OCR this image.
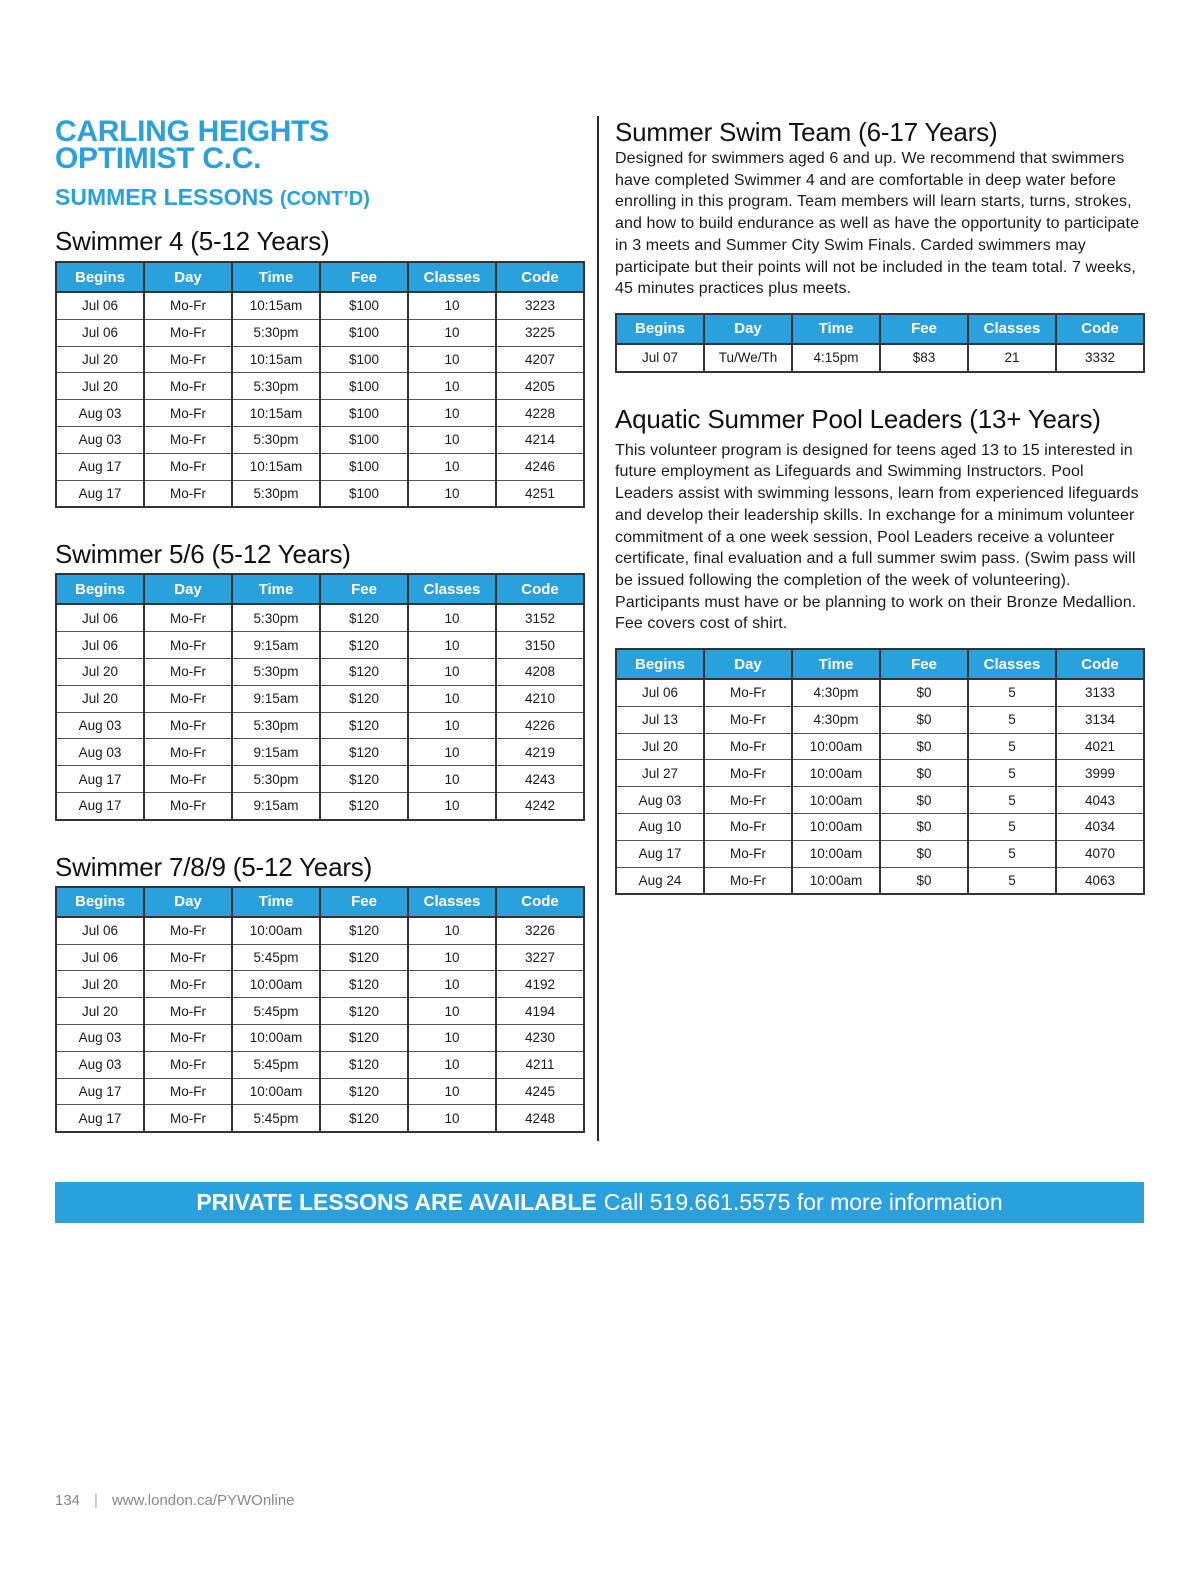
CARLING HEIGHTS
OPTIMIST C.C.
SUMMER LESSONS (CONT’D)
Swimmer 4 (5-12 Years)
Begins	Day	Time	Fee	Classes	Code
Jul 06	Mo-Fr	10:15am	$100	10	3223
Jul 06	Mo-Fr	5:30pm	$100	10	3225
Jul 20	Mo-Fr	10:15am	$100	10	4207
Jul 20	Mo-Fr	5:30pm	$100	10	4205
Aug 03	Mo-Fr	10:15am	$100	10	4228
Aug 03	Mo-Fr	5:30pm	$100	10	4214
Aug 17	Mo-Fr	10:15am	$100	10	4246
Aug 17	Mo-Fr	5:30pm	$100	10	4251
Swimmer 5/6 (5-12 Years)
Begins	Day	Time	Fee	Classes	Code
Jul 06	Mo-Fr	5:30pm	$120	10	3152
Jul 06	Mo-Fr	9:15am	$120	10	3150
Jul 20	Mo-Fr	5:30pm	$120	10	4208
Jul 20	Mo-Fr	9:15am	$120	10	4210
Aug 03	Mo-Fr	5:30pm	$120	10	4226
Aug 03	Mo-Fr	9:15am	$120	10	4219
Aug 17	Mo-Fr	5:30pm	$120	10	4243
Aug 17	Mo-Fr	9:15am	$120	10	4242
Swimmer 7/8/9 (5-12 Years)
Begins	Day	Time	Fee	Classes	Code
Jul 06	Mo-Fr	10:00am	$120	10	3226
Jul 06	Mo-Fr	5:45pm	$120	10	3227
Jul 20	Mo-Fr	10:00am	$120	10	4192
Jul 20	Mo-Fr	5:45pm	$120	10	4194
Aug 03	Mo-Fr	10:00am	$120	10	4230
Aug 03	Mo-Fr	5:45pm	$120	10	4211
Aug 17	Mo-Fr	10:00am	$120	10	4245
Aug 17	Mo-Fr	5:45pm	$120	10	4248
Summer Swim Team (6-17 Years)

Designed for swimmers aged 6 and up. We recommend that swimmers have completed Swimmer 4 and are comfortable in deep water before enrolling in this program. Team members will learn starts, turns, strokes, and how to build endurance as well as have the opportunity to participate in 3 meets and Summer City Swim Finals. Carded swimmers may participate but their points will not be included in the team total. 7 weeks, 45 minutes practices plus meets.

Begins	Day	Time	Fee	Classes	Code
Jul 07	Tu/We/Th	4:15pm	$83	21	3332
Aquatic Summer Pool Leaders (13+ Years)

This volunteer program is designed for teens aged 13 to 15 interested in future employment as Lifeguards and Swimming Instructors. Pool Leaders assist with swimming lessons, learn from experienced lifeguards and develop their leadership skills. In exchange for a minimum volunteer commitment of a one week session, Pool Leaders receive a volunteer certificate, final evaluation and a full summer swim pass. (Swim pass will be issued following the completion of the week of volunteering). Participants must have or be planning to work on their Bronze Medallion. Fee covers cost of shirt.

Begins	Day	Time	Fee	Classes	Code
Jul 06	Mo-Fr	4:30pm	$0	5	3133
Jul 13	Mo-Fr	4:30pm	$0	5	3134
Jul 20	Mo-Fr	10:00am	$0	5	4021
Jul 27	Mo-Fr	10:00am	$0	5	3999
Aug 03	Mo-Fr	10:00am	$0	5	4043
Aug 10	Mo-Fr	10:00am	$0	5	4034
Aug 17	Mo-Fr	10:00am	$0	5	4070
Aug 24	Mo-Fr	10:00am	$0	5	4063
PRIVATE LESSONS ARE AVAILABLE Call 519.661.5575 for more information
134 | www.london.ca/PYWOnline
